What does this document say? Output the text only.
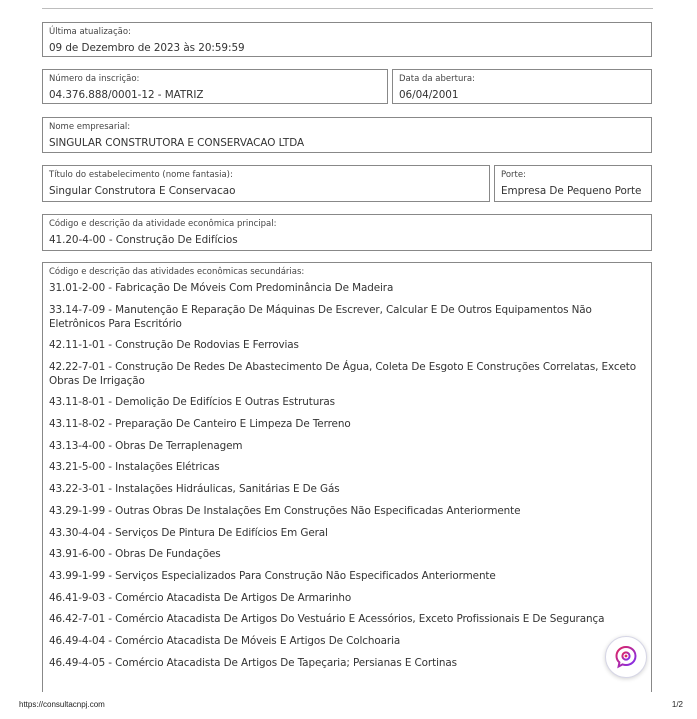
Última atualização:
09 de Dezembro de 2023 às 20:59:59
Número da inscrição:
04.376.888/0001-12 - MATRIZ
Data da abertura:
06/04/2001
Nome empresarial:
SINGULAR CONSTRUTORA E CONSERVACAO LTDA
Título do estabelecimento (nome fantasia):
Singular Construtora E Conservacao
Porte:
Empresa De Pequeno Porte
Código e descrição da atividade econômica principal:
41.20-4-00 - Construção De Edifícios
Código e descrição das atividades econômicas secundárias:
31.01-2-00 - Fabricação De Móveis Com Predominância De Madeira
33.14-7-09 - Manutenção E Reparação De Máquinas De Escrever, Calcular E De Outros Equipamentos Não Eletrônicos Para Escritório
42.11-1-01 - Construção De Rodovias E Ferrovias
42.22-7-01 - Construção De Redes De Abastecimento De Água, Coleta De Esgoto E Construções Correlatas, Exceto Obras De Irrigação
43.11-8-01 - Demolição De Edifícios E Outras Estruturas
43.11-8-02 - Preparação De Canteiro E Limpeza De Terreno
43.13-4-00 - Obras De Terraplenagem
43.21-5-00 - Instalações Elétricas
43.22-3-01 - Instalações Hidráulicas, Sanitárias E De Gás
43.29-1-99 - Outras Obras De Instalações Em Construções Não Especificadas Anteriormente
43.30-4-04 - Serviços De Pintura De Edifícios Em Geral
43.91-6-00 - Obras De Fundações
43.99-1-99 - Serviços Especializados Para Construção Não Especificados Anteriormente
46.41-9-03 - Comércio Atacadista De Artigos De Armarinho
46.42-7-01 - Comércio Atacadista De Artigos Do Vestuário E Acessórios, Exceto Profissionais E De Segurança
46.49-4-04 - Comércio Atacadista De Móveis E Artigos De Colchoaria
46.49-4-05 - Comércio Atacadista De Artigos De Tapeçaria; Persianas E Cortinas
https://consultacnpj.com	1/2
